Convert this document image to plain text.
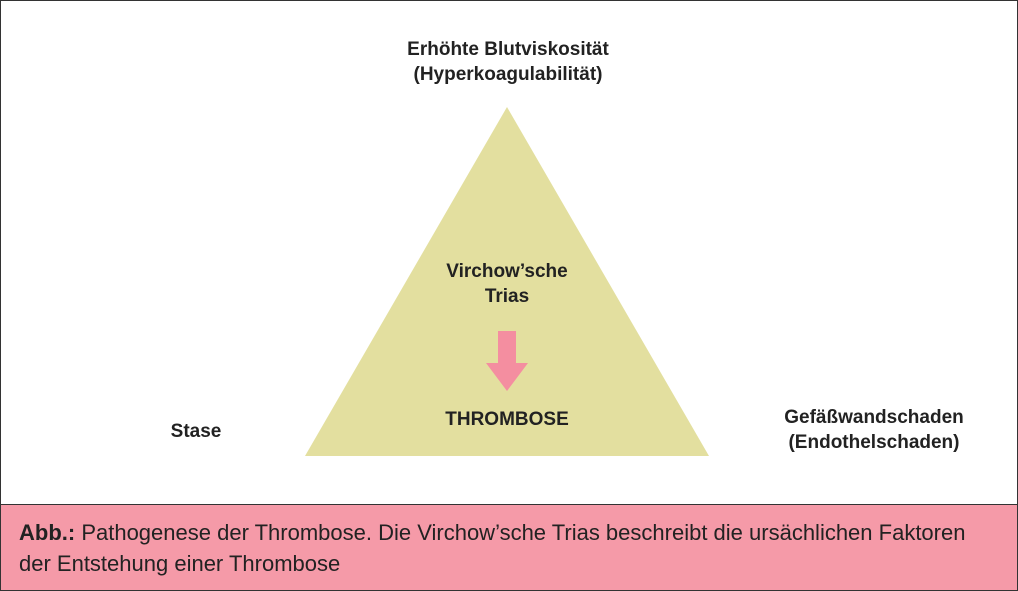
Erhöhte Blutviskosität
(Hyperkoagulabilität)
Stase
Gefäßwandschaden
(Endothelschaden)
Virchow’sche
Trias
THROMBOSE
Abb.: Pathogenese der Thrombose. Die Virchow’sche Trias beschreibt die ursächlichen Faktoren der Entstehung einer Thrombose
